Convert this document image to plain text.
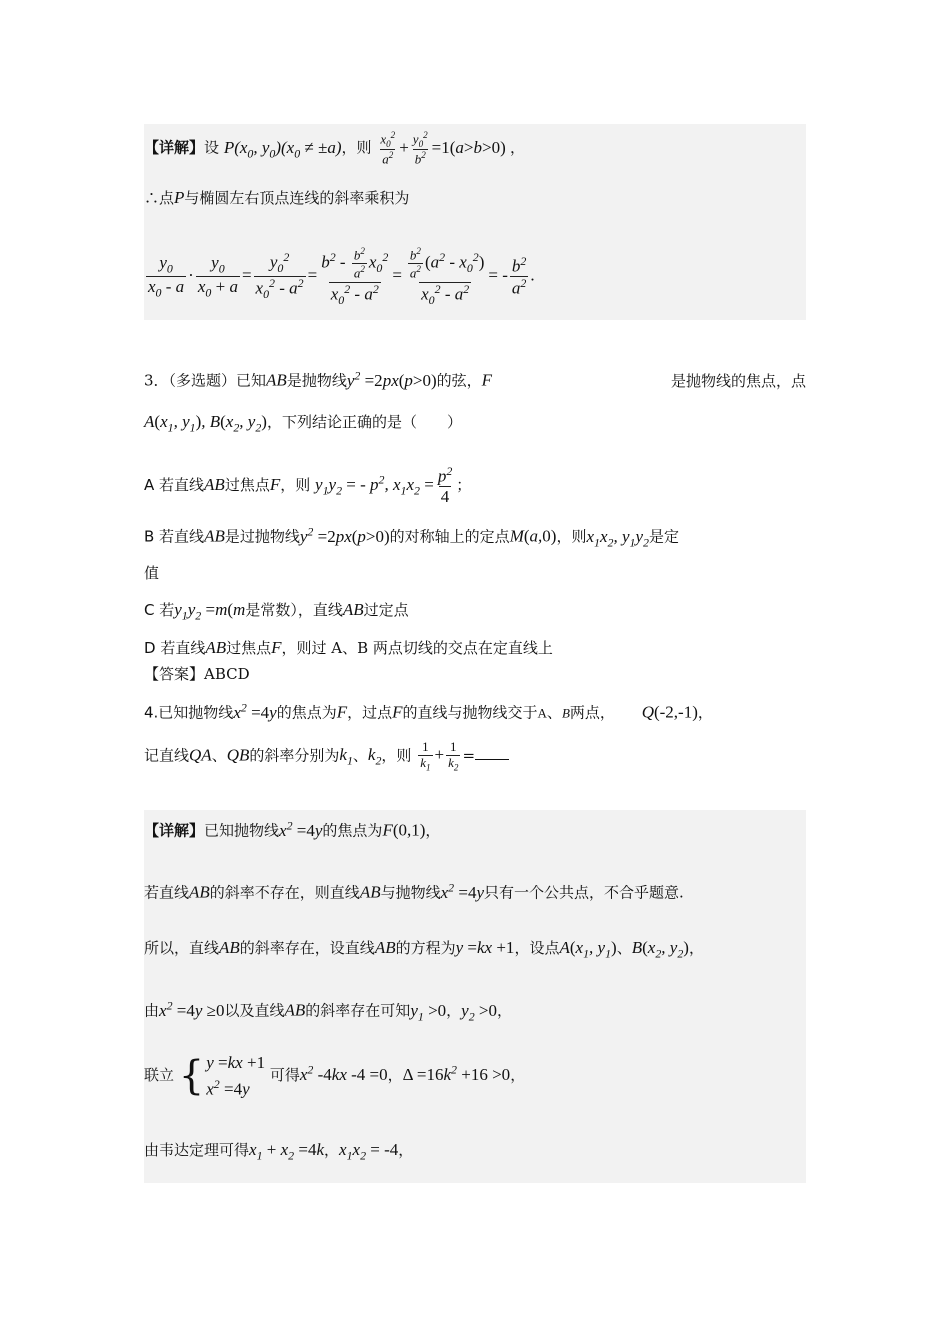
【详解】设 $P(x_0$, $y_0)(x_0 \ne \pm a)$，则 $\frac{x_0^2}{a^2} + \frac{y_0^2}{b^2} =1(a>b>0)$ ，
∴点P与椭圆左右顶点连线的斜率乘积为
$\frac{y_0}{x_0 - a} \cdot \frac{y_0}{x_0 + a} = \frac{y_0^2}{x_0^2 - a^2} = \frac{b^2 - \frac{b^2}{a^2} x_0^2}{x_0^2 - a^2} = \frac{\frac{b^2}{a^2} (a^2 - x_0^2)}{x_0^2 - a^2}$ = - $\frac{b^2}{a^2}$ .
3．（多选题）已知AB是抛物线$y^2 =2px(p>0)$的弦，F	是抛物线的焦点，点
$A(x_1$, $y_1$), $B(x_2$, $y_2$)，下列结论正确的是（　　）
A 若直线AB过焦点F，则 $y_1y_2$ = - $p^2$, $x_1x_2 = \frac{p^2}{4}$ ；
B 若直线AB是过抛物线$y^2 =2px(p>0)$的对称轴上的定点M(a,0)，则$x_1x_2$, $y_1y_2$是定
值
C 若$y_1y_2 =m(m$是常数），直线AB过定点
D 若直线AB过焦点F，则过 A、B 两点切线的交点在定直线上
【答案】ABCD
4.已知抛物线$x^2 =4y$的焦点为F，过点F的直线与抛物线交于A、B两点， Q(-2,-1)，
记直线QA、QB的斜率分别为$k_1$、$k_2$，则 $\frac{1}{k_1} + \frac{1}{k_2}$ =
【详解】已知抛物线$x^2 =4y$的焦点为F(0,1)，
若直线AB的斜率不存在，则直线AB与抛物线$x^2 =4y$只有一个公共点，不合乎题意.
所以，直线AB的斜率存在，设直线AB的方程为y =kx +1，设点$A(x_1$, $y_1$)、$B(x_2$, $y_2$)，
由$x^2 =4y \ge 0$以及直线AB的斜率存在可知$y_1 >0$，$y_2 >0$，
联立 { y =kx +1
$x^2 =4y$
可得$x^2$ -4kx -4 =0，$\Delta =16k^2 +16 >0$，
由韦达定理可得$x_1 + x_2 =4k$，$x_1x_2 = -4$，
